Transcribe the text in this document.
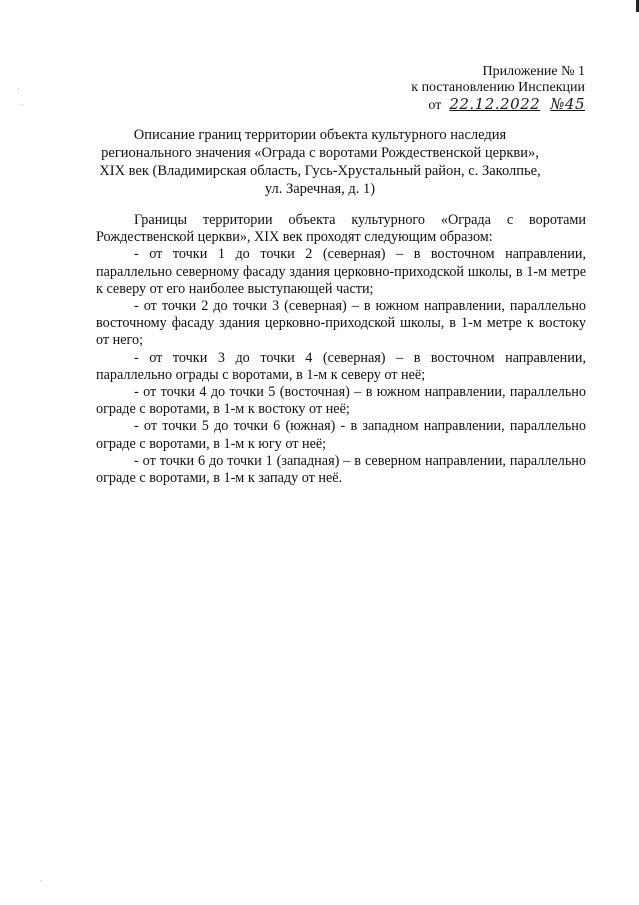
Приложение № 1
к постановлению Инспекции
от 22.12.2022 №45
Описание границ территории объекта культурного наследия
регионального значения «Ограда с воротами Рождественской церкви»,
XIX век (Владимирская область, Гусь-Хрустальный район, с. Заколпье,
ул. Заречная, д. 1)

Границы территории объекта культурного «Ограда с воротами Рождественской церкви», XIX век проходят следующим образом:

- от точки 1 до точки 2 (северная) – в восточном направлении, параллельно северному фасаду здания церковно-приходской школы, в 1-м метре к северу от его наиболее выступающей части;

- от точки 2 до точки 3 (северная) – в южном направлении, параллельно восточному фасаду здания церковно-приходской школы, в 1-м метре к востоку от него;

- от точки 3 до точки 4 (северная) – в восточном направлении, параллельно ограды с воротами, в 1-м к северу от неё;

- от точки 4 до точки 5 (восточная) – в южном направлении, параллельно ограде с воротами, в 1-м к востоку от неё;

- от точки 5 до точки 6 (южная) - в западном направлении, параллельно ограде с воротами, в 1-м к югу от неё;

- от точки 6 до точки 1 (западная) – в северном направлении, параллельно ограде с воротами, в 1-м к западу от неё.
